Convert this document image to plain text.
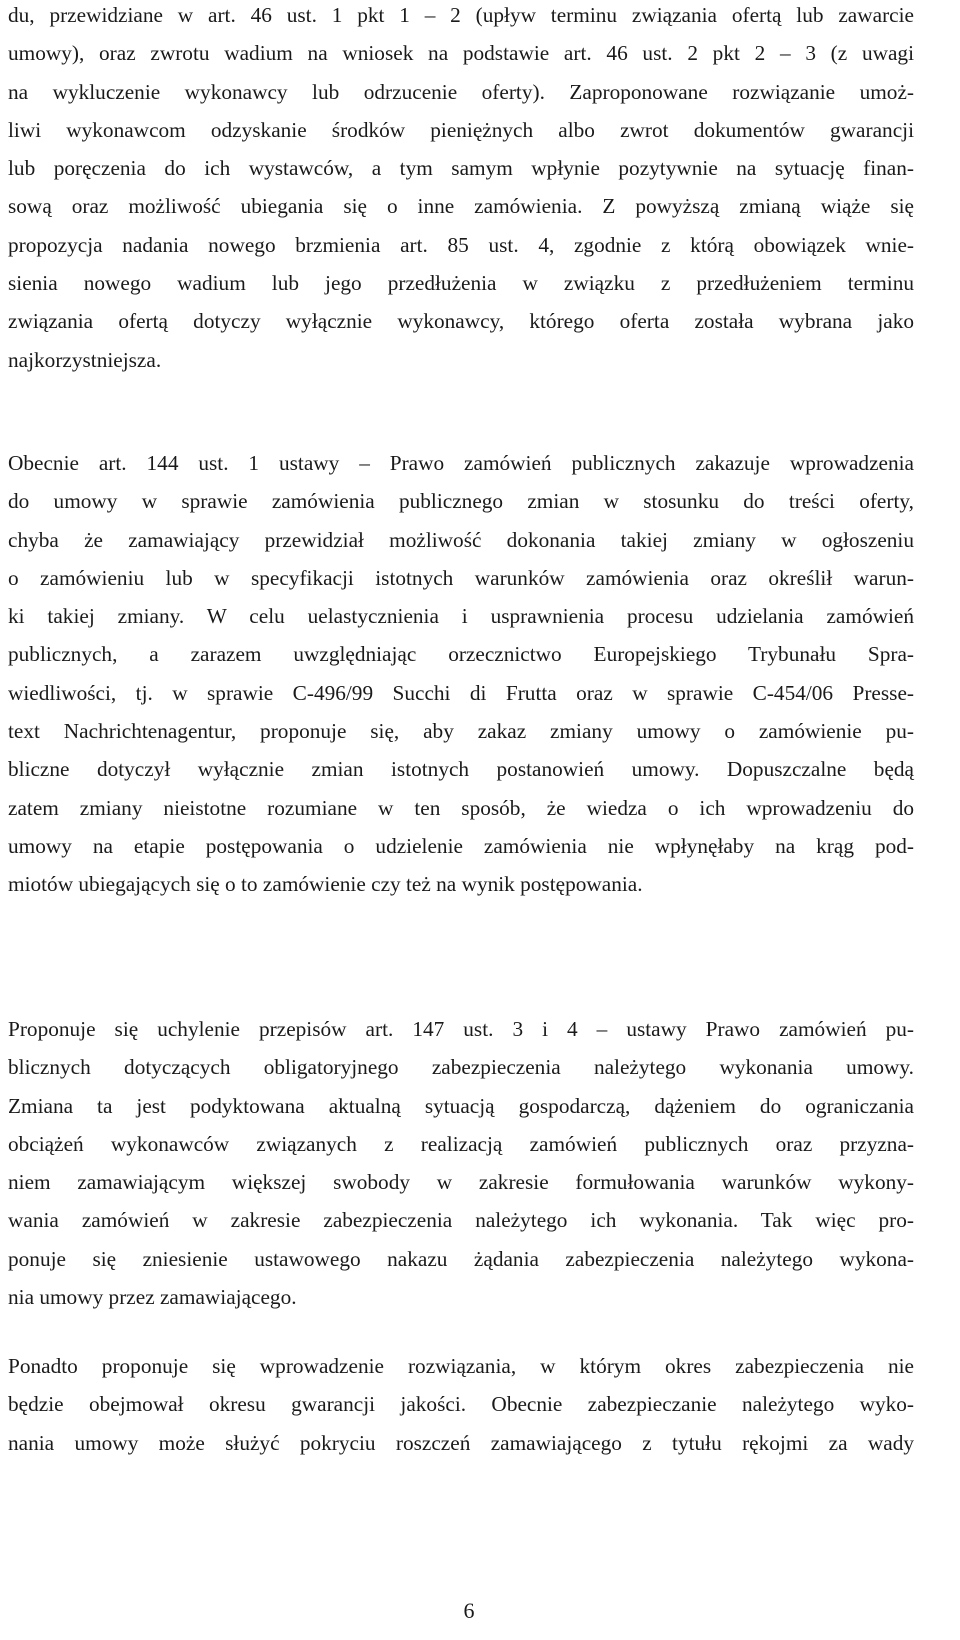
du, przewidziane w art. 46 ust. 1 pkt 1 – 2 (upływ terminu związania ofertą lub zawarcie
umowy), oraz zwrotu wadium na wniosek na podstawie art. 46 ust. 2 pkt 2 – 3 (z uwagi
na wykluczenie wykonawcy lub odrzucenie oferty). Zaproponowane rozwiązanie umoż-
liwi wykonawcom odzyskanie środków pieniężnych albo zwrot dokumentów gwarancji
lub poręczenia do ich wystawców, a tym samym wpłynie pozytywnie na sytuację finan-
sową oraz możliwość ubiegania się o inne zamówienia. Z powyższą zmianą wiąże się
propozycja nadania nowego brzmienia art. 85 ust. 4, zgodnie z którą obowiązek wnie-
sienia nowego wadium lub jego przedłużenia w związku z przedłużeniem terminu
związania ofertą dotyczy wyłącznie wykonawcy, którego oferta została wybrana jako
najkorzystniejsza.
Obecnie art. 144 ust. 1 ustawy – Prawo zamówień publicznych zakazuje wprowadzenia
do umowy w sprawie zamówienia publicznego zmian w stosunku do treści oferty,
chyba że zamawiający przewidział możliwość dokonania takiej zmiany w ogłoszeniu
o zamówieniu lub w specyfikacji istotnych warunków zamówienia oraz określił warun-
ki takiej zmiany. W celu uelastycznienia i usprawnienia procesu udzielania zamówień
publicznych, a zarazem uwzględniając orzecznictwo Europejskiego Trybunału Spra-
wiedliwości, tj. w sprawie C-496/99 Succhi di Frutta oraz w sprawie C-454/06 Presse-
text Nachrichtenagentur, proponuje się, aby zakaz zmiany umowy o zamówienie pu-
bliczne dotyczył wyłącznie zmian istotnych postanowień umowy. Dopuszczalne będą
zatem zmiany nieistotne rozumiane w ten sposób, że wiedza o ich wprowadzeniu do
umowy na etapie postępowania o udzielenie zamówienia nie wpłynęłaby na krąg pod-
miotów ubiegających się o to zamówienie czy też na wynik postępowania.
Proponuje się uchylenie przepisów art. 147 ust. 3 i 4 – ustawy Prawo zamówień pu-
blicznych dotyczących obligatoryjnego zabezpieczenia należytego wykonania umowy.
Zmiana ta jest podyktowana aktualną sytuacją gospodarczą, dążeniem do ograniczania
obciążeń wykonawców związanych z realizacją zamówień publicznych oraz przyzna-
niem zamawiającym większej swobody w zakresie formułowania warunków wykony-
wania zamówień w zakresie zabezpieczenia należytego ich wykonania. Tak więc pro-
ponuje się zniesienie ustawowego nakazu żądania zabezpieczenia należytego wykona-
nia umowy przez zamawiającego.
Ponadto proponuje się wprowadzenie rozwiązania, w którym okres zabezpieczenia nie
będzie obejmował okresu gwarancji jakości. Obecnie zabezpieczanie należytego wyko-
nania umowy może służyć pokryciu roszczeń zamawiającego z tytułu rękojmi za wady
6
